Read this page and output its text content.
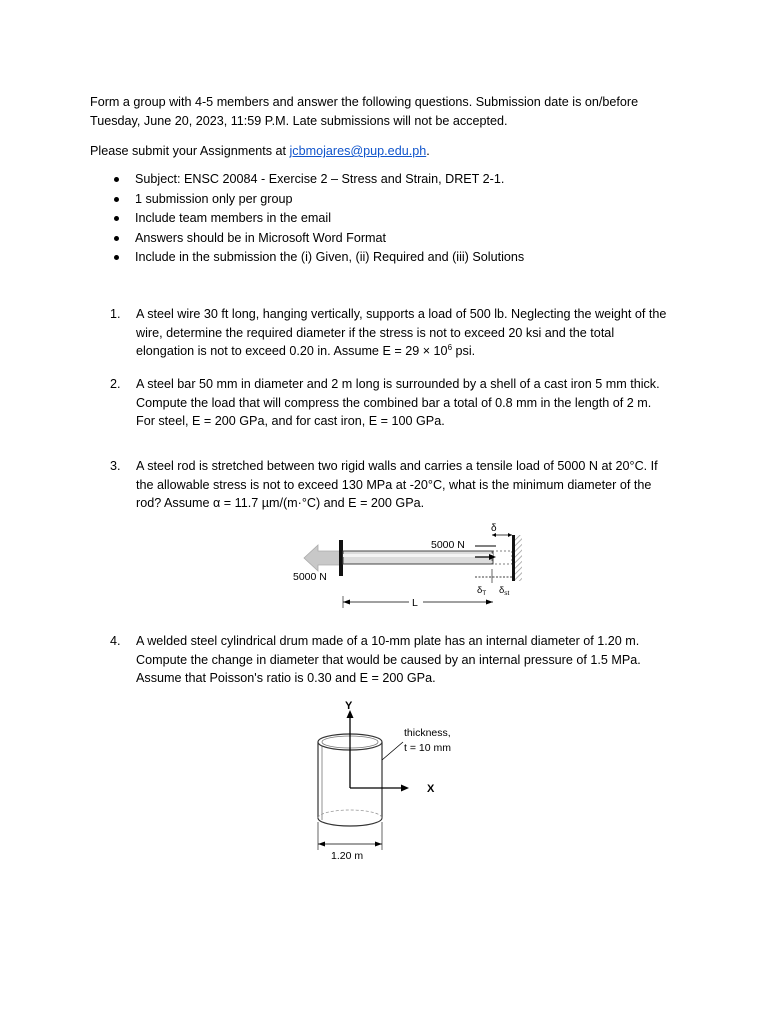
Form a group with 4-5 members and answer the following questions. Submission date is on/before
Tuesday, June 20, 2023, 11:59 P.M. Late submissions will not be accepted.
Please submit your Assignments at jcbmojares@pup.edu.ph.
Subject: ENSC 20084 - Exercise 2 – Stress and Strain, DRET 2-1.
1 submission only per group
Include team members in the email
Answers should be in Microsoft Word Format
Include in the submission the (i) Given, (ii) Required and (iii) Solutions
1. A steel wire 30 ft long, hanging vertically, supports a load of 500 lb. Neglecting the weight of the
wire, determine the required diameter if the stress is not to exceed 20 ksi and the total
elongation is not to exceed 0.20 in. Assume $E = 29 \times 10^6$ psi.
2. A steel bar 50 mm in diameter and 2 m long is surrounded by a shell of a cast iron 5 mm thick.
Compute the load that will compress the combined bar a total of 0.8 mm in the length of 2 m.
For steel, E = 200 GPa, and for cast iron, E = 100 GPa.
3. A steel rod is stretched between two rigid walls and carries a tensile load of 5000 N at 20°C. If
the allowable stress is not to exceed 130 MPa at -20°C, what is the minimum diameter of the
rod? Assume α = 11.7 µm/(m·°C) and E = 200 GPa.
5000 N
5000 N
δ
$\delta_T$ $\delta_{st}$
L
4. A welded steel cylindrical drum made of a 10-mm plate has an internal diameter of 1.20 m.
Compute the change in diameter that would be caused by an internal pressure of 1.5 MPa.
Assume that Poisson's ratio is 0.30 and E = 200 GPa.
Y
X
thickness,
t = 10 mm
1.20 m
